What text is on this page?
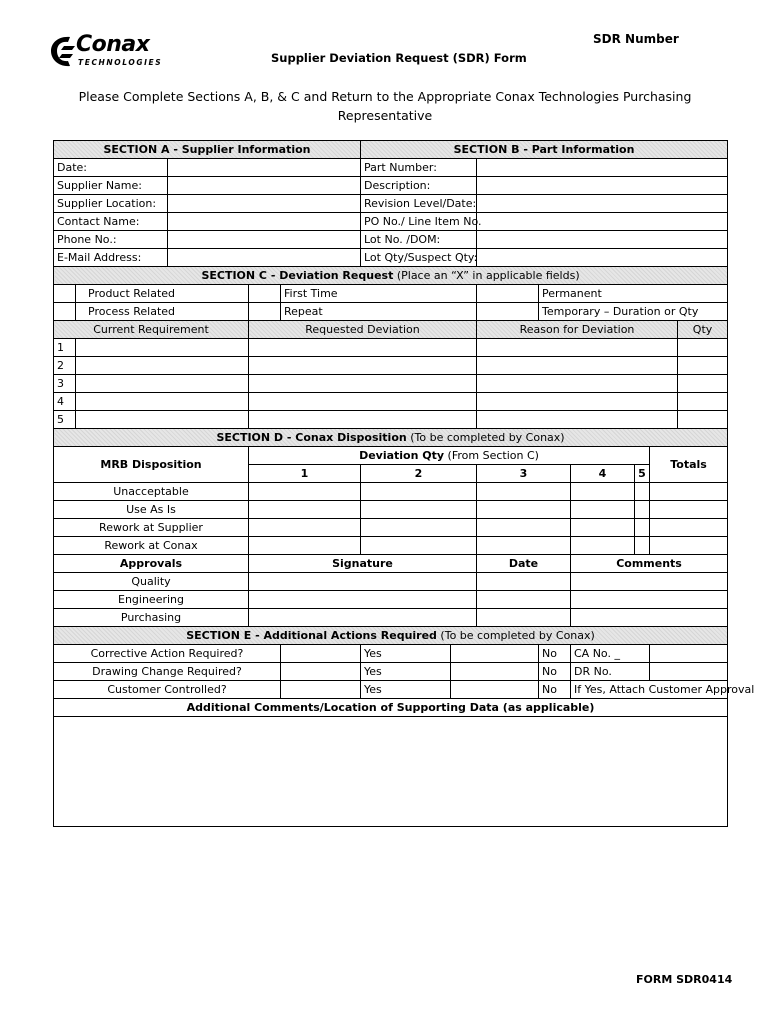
Conax
TECHNOLOGIES
SDR Number
Supplier Deviation Request (SDR) Form
Please Complete Sections A, B, & C and Return to the Appropriate Conax Technologies Purchasing Representative
SECTION A - Supplier Information					SECTION B - Part Information							
Date:					Part Number:							
Supplier Name:					Description:							
Supplier Location:					Revision Level/Date:							
Contact Name:					PO No./ Line Item No.							
Phone No.:					Lot No. /DOM:							
E-Mail Address:					Lot Qty/Suspect Qty:							
SECTION C - Deviation Request (Place an “X” in applicable fields)												
	Product Related			First Time				Permanent				
	Process Related			Repeat				Temporary – Duration or Qty				
Current Requirement			Requested Deviation				Reason for Deviation					Qty
1												
2												
3												
4												
5												
SECTION D - Conax Disposition (To be completed by Conax)												
MRB Disposition			Deviation Qty (From Section C)								Totals	
			1		2		3		4	5		
Unacceptable												
Use As Is												
Rework at Supplier												
Rework at Conax												
Approvals			Signature				Date		Comments			
Quality												
Engineering												
Purchasing												
SECTION E - Additional Actions Required (To be completed by Conax)												
Corrective Action Required?					Yes			No	CA No. _			
Drawing Change Required?					Yes			No	DR No.			
Customer Controlled?					Yes			No	If Yes, Attach Customer Approval			
Additional Comments/Location of Supporting Data (as applicable)												

FORM SDR0414
